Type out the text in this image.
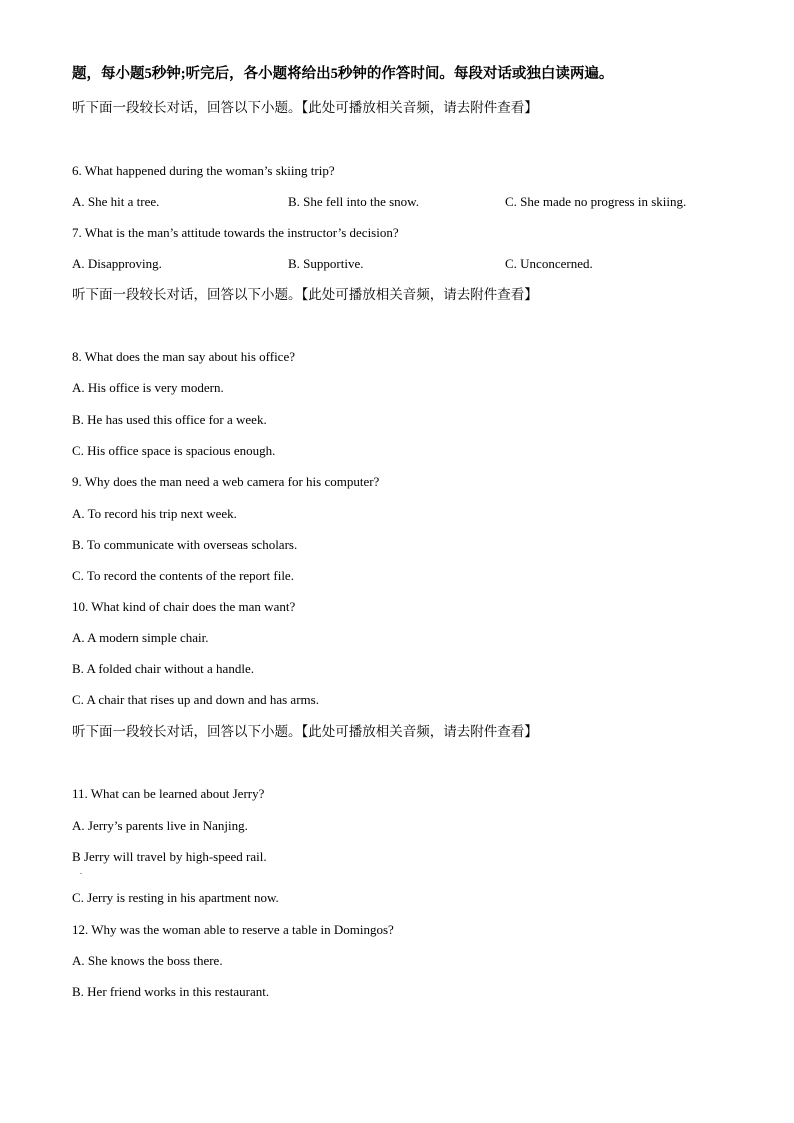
题，每小题5秒钟;听完后，各小题将给出5秒钟的作答时间。每段对话或独白读两遍。
听下面一段较长对话，回答以下小题。【此处可播放相关音频，请去附件查看】
6. What happened during the woman’s skiing trip?
A. She hit a tree.	B. She fell into the snow.	C. She made no progress in skiing.
7. What is the man’s attitude towards the instructor’s decision?
A. Disapproving.	B. Supportive.	C. Unconcerned.
听下面一段较长对话，回答以下小题。【此处可播放相关音频，请去附件查看】
8. What does the man say about his office?
A. His office is very modern.
B. He has used this office for a week.
C. His office space is spacious enough.
9. Why does the man need a web camera for his computer?
A. To record his trip next week.
B. To communicate with overseas scholars.
C. To record the contents of the report file.
10. What kind of chair does the man want?
A. A modern simple chair.
B. A folded chair without a handle.
C. A chair that rises up and down and has arms.
听下面一段较长对话，回答以下小题。【此处可播放相关音频，请去附件查看】
11. What can be learned about Jerry?
A. Jerry’s parents live in Nanjing.
B Jerry will travel by high-speed rail.
.
C. Jerry is resting in his apartment now.
12. Why was the woman able to reserve a table in Domingos?
A. She knows the boss there.
B. Her friend works in this restaurant.
